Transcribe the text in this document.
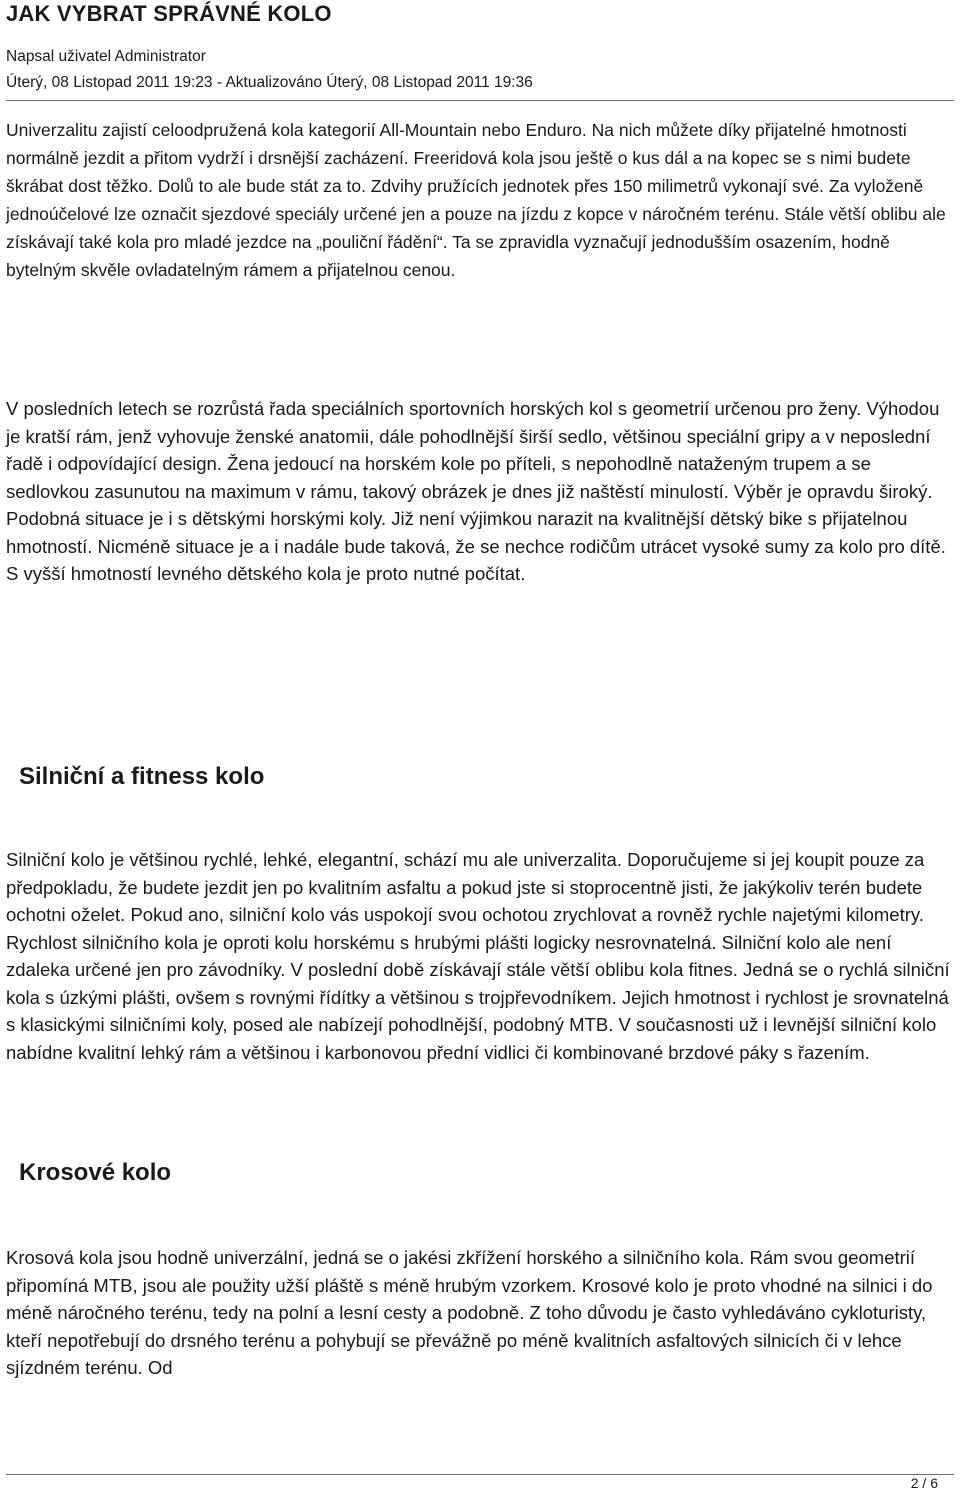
JAK VYBRAT SPRÁVNÉ KOLO

Napsal uživatel Administrator

Úterý, 08 Listopad 2011 19:23 - Aktualizováno Úterý, 08 Listopad 2011 19:36

Univerzalitu zajistí celoodpružená kola kategorií All-Mountain nebo Enduro. Na nich můžete díky přijatelné hmotnosti normálně jezdit a přitom vydrží i drsnější zacházení. Freeridová kola jsou ještě o kus dál a na kopec se s nimi budete škrábat dost těžko. Dolů to ale bude stát za to. Zdvihy pružících jednotek přes 150 milimetrů vykonají své. Za vyloženě jednoúčelové lze označit sjezdové speciály určené jen a pouze na jízdu z kopce v náročném terénu. Stále větší oblibu ale získávají také kola pro mladé jezdce na „pouliční řádění“. Ta se zpravidla vyznačují jednodušším osazením, hodně bytelným skvěle ovladatelným rámem a přijatelnou cenou.

V posledních letech se rozrůstá řada speciálních sportovních horských kol s geometrií určenou pro ženy. Výhodou je kratší rám, jenž vyhovuje ženské anatomii, dále pohodlnější širší sedlo, většinou speciální gripy a v neposlední řadě i odpovídající design. Žena jedoucí na horském kole po příteli, s nepohodlně nataženým trupem a se sedlovkou zasunutou na maximum v rámu, takový obrázek je dnes již naštěstí minulostí. Výběr je opravdu široký. Podobná situace je i s dětskými horskými koly. Již není výjimkou narazit na kvalitnější dětský bike s přijatelnou hmotností. Nicméně situace je a i nadále bude taková, že se nechce rodičům utrácet vysoké sumy za kolo pro dítě. S vyšší hmotností levného dětského kola je proto nutné počítat.

Silniční a fitness kolo

Silniční kolo je většinou rychlé, lehké, elegantní, schází mu ale univerzalita. Doporučujeme si jej koupit pouze za předpokladu, že budete jezdit jen po kvalitním asfaltu a pokud jste si stoprocentně jisti, že jakýkoliv terén budete ochotni oželet. Pokud ano, silniční kolo vás uspokojí svou ochotou zrychlovat a rovněž rychle najetými kilometry. Rychlost silničního kola je oproti kolu horskému s hrubými plášti logicky nesrovnatelná. Silniční kolo ale není zdaleka určené jen pro závodníky. V poslední době získávají stále větší oblibu kola fitnes. Jedná se o rychlá silniční kola s úzkými plášti, ovšem s rovnými řídítky a většinou s trojpřevodníkem. Jejich hmotnost i rychlost je srovnatelná s klasickými silničními koly, posed ale nabízejí pohodlnější, podobný MTB. V současnosti už i levnější silniční kolo nabídne kvalitní lehký rám a většinou i karbonovou přední vidlici či kombinované brzdové páky s řazením.

Krosové kolo

Krosová kola jsou hodně univerzální, jedná se o jakési zkřížení horského a silničního kola. Rám svou geometrií připomíná MTB, jsou ale použity užší pláště s méně hrubým vzorkem. Krosové kolo je proto vhodné na silnici i do méně náročného terénu, tedy na polní a lesní cesty a podobně. Z toho důvodu je často vyhledáváno cykloturisty, kteří nepotřebují do drsného terénu a pohybují se převážně po méně kvalitních asfaltových silnicích či v lehce sjízdném terénu. Od

2 / 6
